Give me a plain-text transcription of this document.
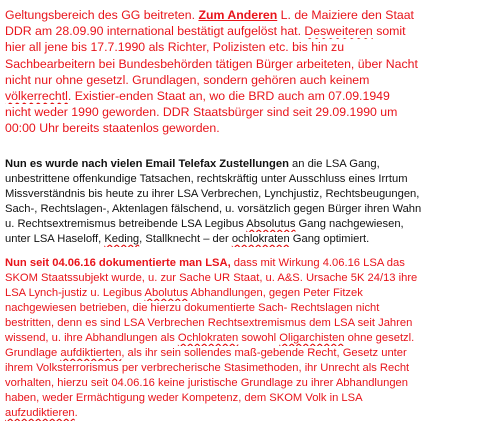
Geltungsbereich des GG beitreten. Zum Anderen L. de Maiziere den Staat
DDR am 28.09.90 international bestätigt aufgelöst hat. Desweiteren somit
hier all jene bis 17.7.1990 als Richter, Polizisten etc. bis hin zu
Sachbearbeitern bei Bundesbehörden tätigen Bürger arbeiteten, über Nacht
nicht nur ohne gesetzl. Grundlagen, sondern gehören auch keinem
völkerrechtl. Existier-enden Staat an, wo die BRD auch am 07.09.1949
nicht weder 1990 geworden. DDR Staatsbürger sind seit 29.09.1990 um
00:00 Uhr bereits staatenlos geworden.
Nun es wurde nach vielen Email Telefax Zustellungen an die LSA Gang,
unbestrittene offenkundige Tatsachen, rechtskräftig unter Ausschluss eines Irrtum
Missverständnis bis heute zu ihrer LSA Verbrechen, Lynchjustiz, Rechtsbeugungen,
Sach-, Rechtslagen-, Aktenlagen fälschend, u. vorsätzlich gegen Bürger ihren Wahn
u. Rechtsextremismus betreibende LSA Legibus Absolutus Gang nachgewiesen,
unter LSA Haseloff, Keding, Stallknecht – der ochlokraten Gang optimiert.
Nun seit 04.06.16 dokumentierte man LSA, dass mit Wirkung 4.06.16 LSA das
SKOM Staatssubjekt wurde, u. zur Sache UR Staat, u. A&S. Ursache 5K 24/13 ihre
LSA Lynch-justiz u. Legibus Abolutus Abhandlungen, gegen Peter Fitzek
nachgewiesen betrieben, die hierzu dokumentierte Sach- Rechtslagen nicht
bestritten, denn es sind LSA Verbrechen Rechtsextremismus dem LSA seit Jahren
wissend, u. ihre Abhandlungen als Ochlokraten sowohl Oligarchisten ohne gesetzl.
Grundlage aufdiktierten, als ihr sein sollendes maß-gebende Recht, Gesetz unter
ihrem Volksterrorismus per verbrecherische Stasimethoden, ihr Unrecht als Recht
vorhalten, hierzu seit 04.06.16 keine juristische Grundlage zu ihrer Abhandlungen
haben, weder Ermächtigung weder Kompetenz, dem SKOM Volk in LSA
aufzudiktieren.
